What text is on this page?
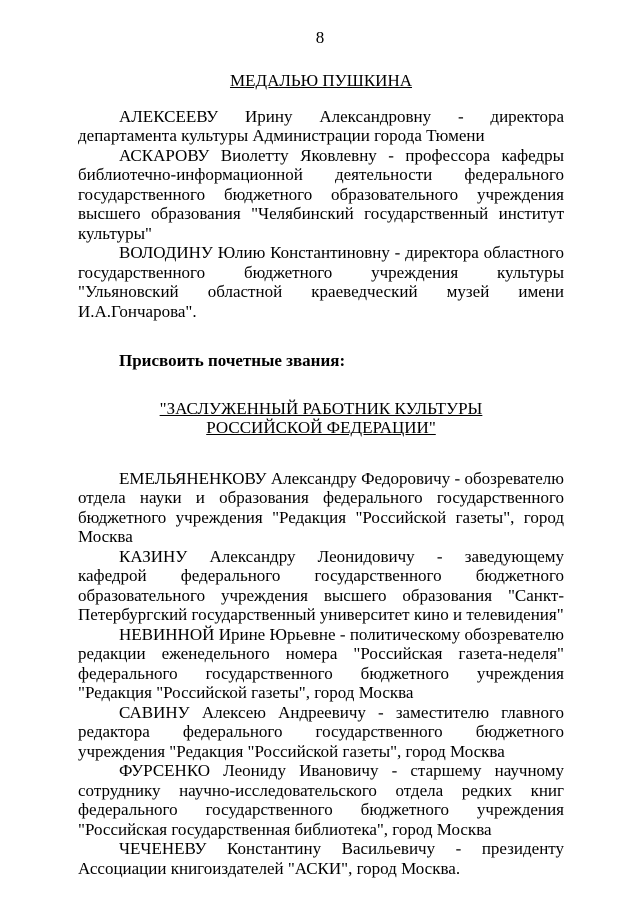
8

МЕДАЛЬЮ ПУШКИНА

АЛЕКСЕЕВУ Ирину Александровну - директора департамента культуры Администрации города Тюмени

АСКАРОВУ Виолетту Яковлевну - профессора кафедры библиотечно-информационной деятельности федерального государственного бюджетного образовательного учреждения высшего образования "Челябинский государственный институт культуры"

ВОЛОДИНУ Юлию Константиновну - директора областного государственного бюджетного учреждения культуры "Ульяновский областной краеведческий музей имени И.А.Гончарова".

Присвоить почетные звания:

"ЗАСЛУЖЕННЫЙ РАБОТНИК КУЛЬТУРЫ
РОССИЙСКОЙ ФЕДЕРАЦИИ"

ЕМЕЛЬЯНЕНКОВУ Александру Федоровичу - обозревателю отдела науки и образования федерального государственного бюджетного учреждения "Редакция "Российской газеты", город Москва

КАЗИНУ Александру Леонидовичу - заведующему кафедрой федерального государственного бюджетного образовательного учреждения высшего образования "Санкт-Петербургский государственный университет кино и телевидения"

НЕВИННОЙ Ирине Юрьевне - политическому обозревателю редакции еженедельного номера "Российская газета-неделя" федерального государственного бюджетного учреждения "Редакция "Российской газеты", город Москва

САВИНУ Алексею Андреевичу - заместителю главного редактора федерального государственного бюджетного учреждения "Редакция "Российской газеты", город Москва

ФУРСЕНКО Леониду Ивановичу - старшему научному сотруднику научно-исследовательского отдела редких книг федерального государственного бюджетного учреждения "Российская государственная библиотека", город Москва

ЧЕЧЕНЕВУ Константину Васильевичу - президенту Ассоциации книгоиздателей "АСКИ", город Москва.
